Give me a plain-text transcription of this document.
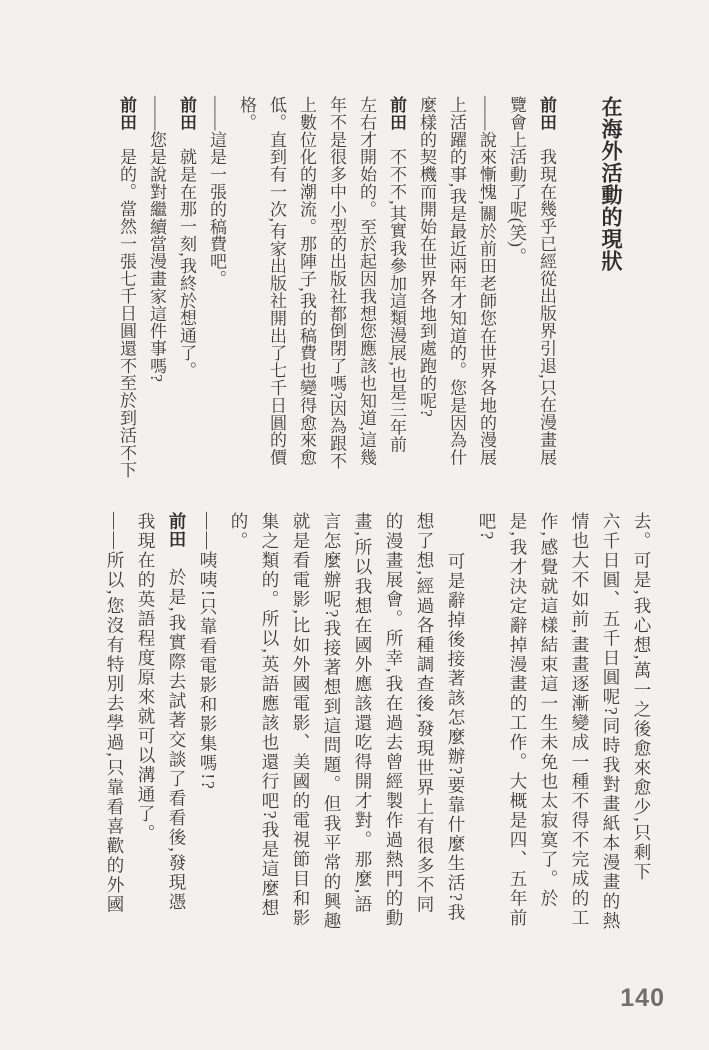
在海外活動的現狀
前田我現在幾乎已經從出版界引退,只在漫畫展
覽會上活動了呢(笑)。
——說來慚愧,關於前田老師您在世界各地的漫展
上活躍的事,我是最近兩年才知道的。您是因為什
麼樣的契機而開始在世界各地到處跑的呢?
前田不不不,其實我參加這類漫展,也是三年前
左右才開始的。至於起因我想您應該也知道,這幾
年不是很多中小型的出版社都倒閉了嗎?因為跟不
上數位化的潮流。那陣子,我的稿費也變得愈來愈
低。直到有一次,有家出版社開出了七千日圓的價
格。
——這是一張的稿費吧。
前田就是在那一刻,我終於想通了。
——您是說對繼續當漫畫家這件事嗎?
前田是的。當然一張七千日圓還不至於到活不下
去。可是,我心想,萬一之後愈來愈少,只剩下
六千日圓、五千日圓呢?同時我對畫紙本漫畫的熱
情也大不如前,畫畫逐漸變成一種不得不完成的工
作,感覺就這樣結束這一生未免也太寂寞了。於
是,我才決定辭掉漫畫的工作。大概是四、五年前
吧?
可是辭掉後接著該怎麼辦?要靠什麼生活?我
想了想,經過各種調查後,發現世界上有很多不同
的漫畫展會。所幸,我在過去曾經製作過熱門的動
畫,所以我想在國外應該還吃得開才對。那麼,語
言怎麼辦呢?我接著想到這問題。但我平常的興趣
就是看電影,比如外國電影、美國的電視節目和影
集之類的。所以,英語應該也還行吧?我是這麼想
的。
——咦咦!只靠看電影和影集嗎!?
前田於是,我實際去試著交談了看看後,發現憑
我現在的英語程度原來就可以溝通了。
——所以,您沒有特別去學過,只靠看喜歡的外國
140
